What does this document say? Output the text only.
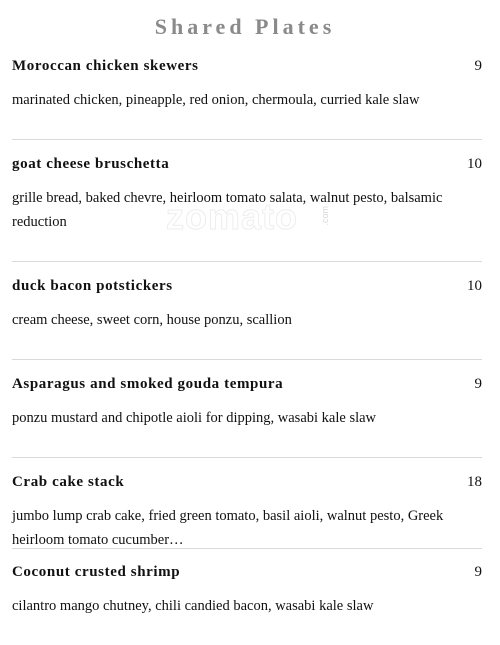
Shared Plates
zomato .com
Moroccan chicken skewers	9
marinated chicken, pineapple, red onion, chermoula, curried kale slaw
goat cheese bruschetta	10
grille bread, baked chevre, heirloom tomato salata, walnut pesto, balsamic reduction
duck bacon potstickers	10
cream cheese, sweet corn, house ponzu, scallion
Asparagus and smoked gouda tempura	9
ponzu mustard and chipotle aioli for dipping, wasabi kale slaw
Crab cake stack	18
jumbo lump crab cake, fried green tomato, basil aioli, walnut pesto, Greek heirloom tomato cucumber…
Coconut crusted shrimp	9
cilantro mango chutney, chili candied bacon, wasabi kale slaw
